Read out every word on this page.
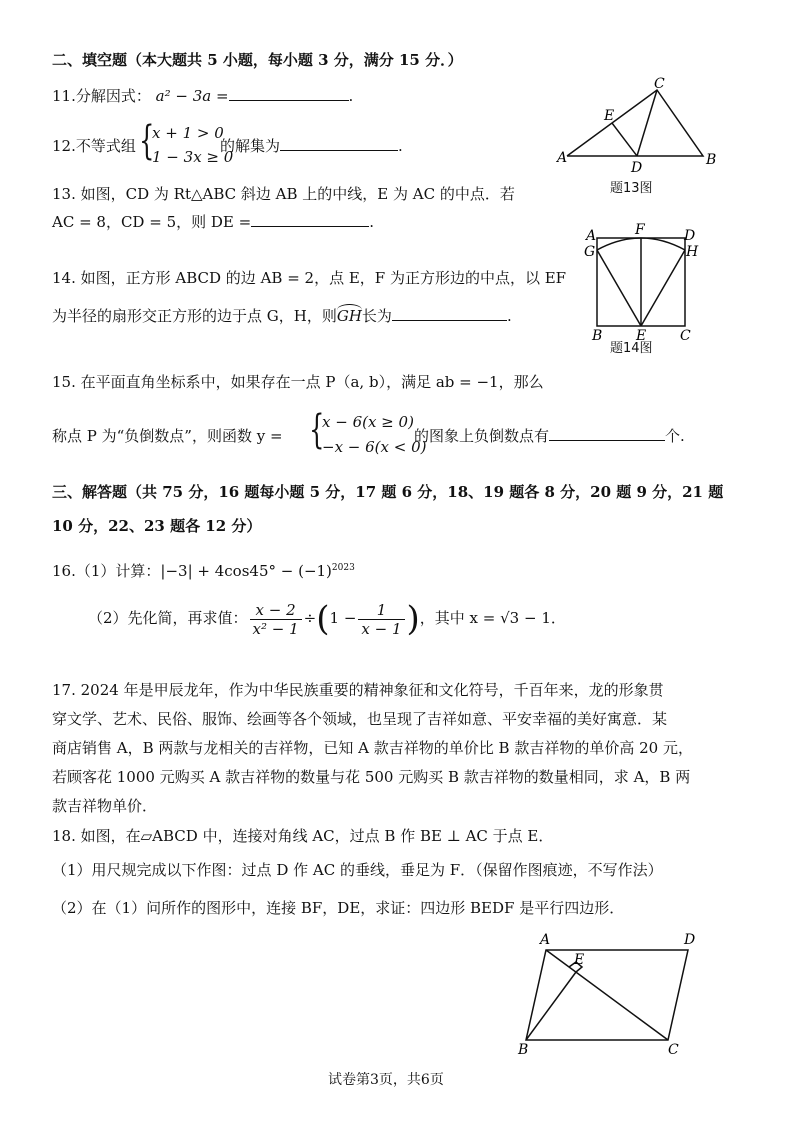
二、填空题（本大题共 5 小题，每小题 3 分，满分 15 分．）
11.分解因式： a² − 3a =	.
12.不等式组 {
x + 1 > 0
1 − 3x ≥ 0
的解集为	.
A	B
C
D
E
题13图
13. 如图，CD 为 Rt△ABC 斜边 AB 上的中线，E 为 AC 的中点．若
AC = 8，CD = 5，则 DE =	.
A	D
F
G	H
B E C
题14图
14. 如图，正方形 ABCD 的边 AB = 2，点 E，F 为正方形边的中点，以 EF
为半径的扇形交正方形的边于点 G，H，则GH长为	.
15. 在平面直角坐标系中，如果存在一点 P（a, b），满足 ab = −1，那么
称点 P 为“负倒数点”，则函数 y = {
x − 6(x ≥ 0)
−x − 6(x < 0)
的图象上负倒数点有	个.
三、解答题（共 75 分，16 题每小题 5 分，17 题 6 分，18、19 题各 8 分，20 题 9 分，21 题
10 分，22、23 题各 12 分）
16.（1）计算：$|-3| + 4\cos 45^\circ - (-1)^{2023}$
（2）先化简，再求值： $\frac{x - 2}{\text{x² − 1}} \div(1 - \frac{1}{x - 1}$ )，其中 x = √3 − 1．
17. 2024 年是甲辰龙年，作为中华民族重要的精神象征和文化符号，千百年来，龙的形象贯
穿文学、艺术、民俗、服饰、绘画等各个领域，也呈现了吉祥如意、平安幸福的美好寓意．某
商店销售 A，B 两款与龙相关的吉祥物，已知 A 款吉祥物的单价比 B 款吉祥物的单价高 20 元，
若顾客花 1000 元购买 A 款吉祥物的数量与花 500 元购买 B 款吉祥物的数量相同，求 A，B 两
款吉祥物单价．
18. 如图，在▱ABCD 中，连接对角线 AC，过点 B 作 BE ⊥ AC 于点 E．
（1）用尺规完成以下作图：过点 D 作 AC 的垂线，垂足为 F．（保留作图痕迹，不写作法）
（2）在（1）问所作的图形中，连接 BF，DE，求证：四边形 BEDF 是平行四边形．
A	D
E
B	C
试卷第3页，共6页
